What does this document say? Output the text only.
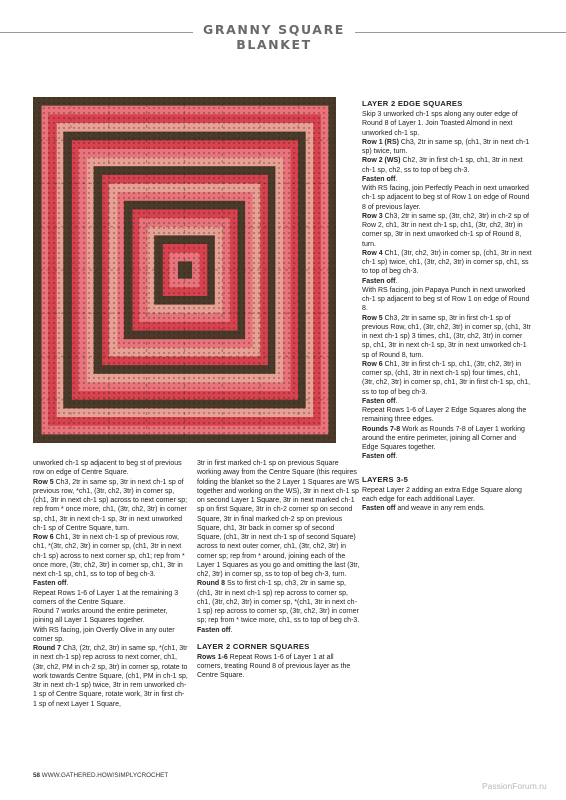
GRANNY SQUARE BLANKET

unworked ch-1 sp adjacent to beg st of previous row on edge of Centre Square.

Row 5 Ch3, 2tr in same sp, 3tr in next ch-1 sp of previous row, *ch1, (3tr, ch2, 3tr) in corner sp, (ch1, 3tr in next ch-1 sp) across to next corner sp; rep from * once more, ch1, (3tr, ch2, 3tr) in corner sp, ch1, 3tr in next ch-1 sp, 3tr in next unworked ch-1 sp of Centre Square, turn.

Row 6 Ch1, 3tr in next ch-1 sp of previous row, ch1, *(3tr, ch2, 3tr) in corner sp, (ch1, 3tr in next ch-1 sp) across to next corner sp, ch1; rep from * once more, (3tr, ch2, 3tr) in corner sp, ch1, 3tr in next ch-1 sp, ch1, ss to top of beg ch-3.

Fasten off.

Repeat Rows 1-6 of Layer 1 at the remaining 3 corners of the Centre Square.

Round 7 works around the entire perimeter, joining all Layer 1 Squares together.

With RS facing, join Overtly Olive in any outer corner sp.

Round 7 Ch3, (2tr, ch2, 3tr) in same sp, *(ch1, 3tr in next ch-1 sp) rep across to next corner, ch1, (3tr, ch2, PM in ch-2 sp, 3tr) in corner sp, rotate to work towards Centre Square, (ch1, PM in ch-1 sp, 3tr in next ch-1 sp) twice, 3tr in rem unworked ch-1 sp of Centre Square, rotate work, 3tr in first ch-1 sp of next Layer 1 Square,

3tr in first marked ch-1 sp on previous Square working away from the Centre Square (this requires folding the blanket so the 2 Layer 1 Squares are WS together and working on the WS), 3tr in next ch-1 sp on second Layer 1 Square, 3tr in next marked ch-1 sp on first Square, 3tr in ch-2 corner sp on second Square, 3tr in final marked ch-2 sp on previous Square, ch1, 3tr back in corner sp of second Square, (ch1, 3tr in next ch-1 sp of second Square) across to next outer corner, ch1, (3tr, ch2, 3tr) in corner sp; rep from * around, joining each of the Layer 1 Squares as you go and omitting the last (3tr, ch2, 3tr) in corner sp, ss to top of beg ch-3, turn.

Round 8 Ss to first ch-1 sp, ch3, 2tr in same sp, (ch1, 3tr in next ch-1 sp) rep across to corner sp, ch1, (3tr, ch2, 3tr) in corner sp, *(ch1, 3tr in next ch-1 sp) rep across to corner sp, (3tr, ch2, 3tr) in corner sp; rep from * twice more, ch1, ss to top of beg ch-3.

Fasten off.

LAYER 2 CORNER SQUARES

Rows 1-6 Repeat Rows 1-6 of Layer 1 at all corners, treating Round 8 of previous layer as the Centre Square.

LAYER 2 EDGE SQUARES

Skip 3 unworked ch-1 sps along any outer edge of Round 8 of Layer 1. Join Toasted Almond in next unworked ch-1 sp.

Row 1 (RS) Ch3, 2tr in same sp, (ch1, 3tr in next ch-1 sp) twice, turn.

Row 2 (WS) Ch2, 3tr in first ch-1 sp, ch1, 3tr in next ch-1 sp, ch2, ss to top of beg ch-3.

Fasten off.

With RS facing, join Perfectly Peach in next unworked ch-1 sp adjacent to beg st of Row 1 on edge of Round 8 of previous layer.

Row 3 Ch3, 2tr in same sp, (3tr, ch2, 3tr) in ch-2 sp of Row 2, ch1, 3tr in next ch-1 sp, ch1, (3tr, ch2, 3tr) in corner sp, 3tr in next unworked ch-1 sp of Round 8, turn.

Row 4 Ch1, (3tr, ch2, 3tr) in corner sp, (ch1, 3tr in next ch-1 sp) twice, ch1, (3tr, ch2, 3tr) in corner sp, ch1, ss to top of beg ch-3.

Fasten off.

With RS facing, join Papaya Punch in next unworked ch-1 sp adjacent to beg st of Row 1 on edge of Round 8.

Row 5 Ch3, 2tr in same sp, 3tr in first ch-1 sp of previous Row, ch1, (3tr, ch2, 3tr) in corner sp, (ch1, 3tr in next ch-1 sp) 3 times, ch1, (3tr, ch2, 3tr) in corner sp, ch1, 3tr in next ch-1 sp, 3tr in next unworked ch-1 sp of Round 8, turn.

Row 6 Ch1, 3tr in first ch-1 sp, ch1, (3tr, ch2, 3tr) in corner sp, (ch1, 3tr in next ch-1 sp) four times, ch1, (3tr, ch2, 3tr) in corner sp, ch1, 3tr in first ch-1 sp, ch1, ss to top of beg ch-3.

Fasten off.

Repeat Rows 1-6 of Layer 2 Edge Squares along the remaining three edges.

Rounds 7-8 Work as Rounds 7-8 of Layer 1 working around the entire perimeter, joining all Corner and Edge Squares together.

Fasten off.

LAYERS 3-5

Repeat Layer 2 adding an extra Edge Square along each edge for each additional Layer.

Fasten off and weave in any rem ends.

58 WWW.GATHERED.HOW/SIMPLYCROCHET
PassionForum.ru
